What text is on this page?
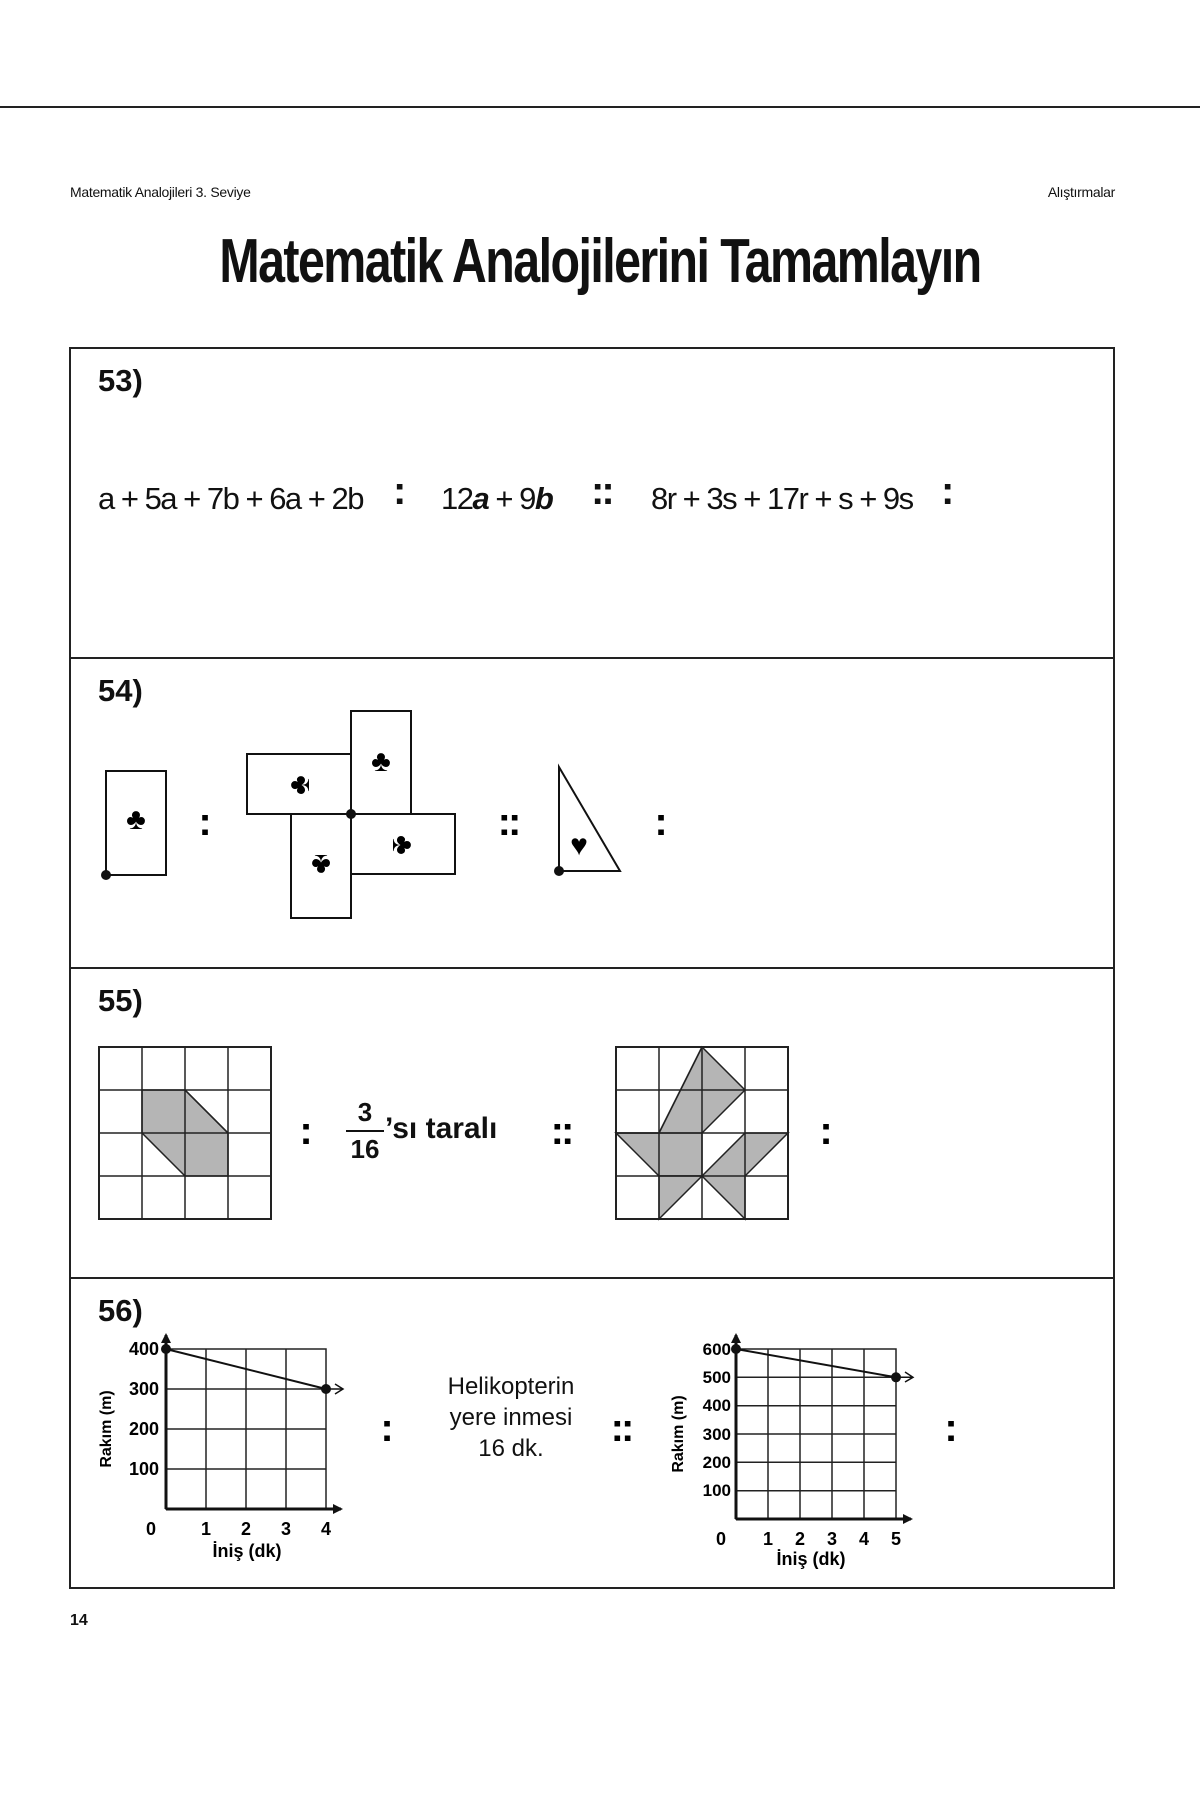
Matematik Analojileri 3. Seviye	Alıştırmalar
Matematik Analojilerini Tamamlayın
53)
a + 5a + 7b + 6a + 2b : 12a + 9b :: 8r + 3s + 17r + s + 9s :
54)
♣
♣
♣
♣
♣
:	::
♥
:
55)
:	::	:
3
16
’sı taralı
56)
400
300
200
100
0 1 2 3 4
İniş (dk)
Rakım (m)
600
500
400
300
200
100
0 1 2 3 4 5
İniş (dk)
Rakım (m)
:	::	:
Helikopterin
yere inmesi
16 dk.
14
